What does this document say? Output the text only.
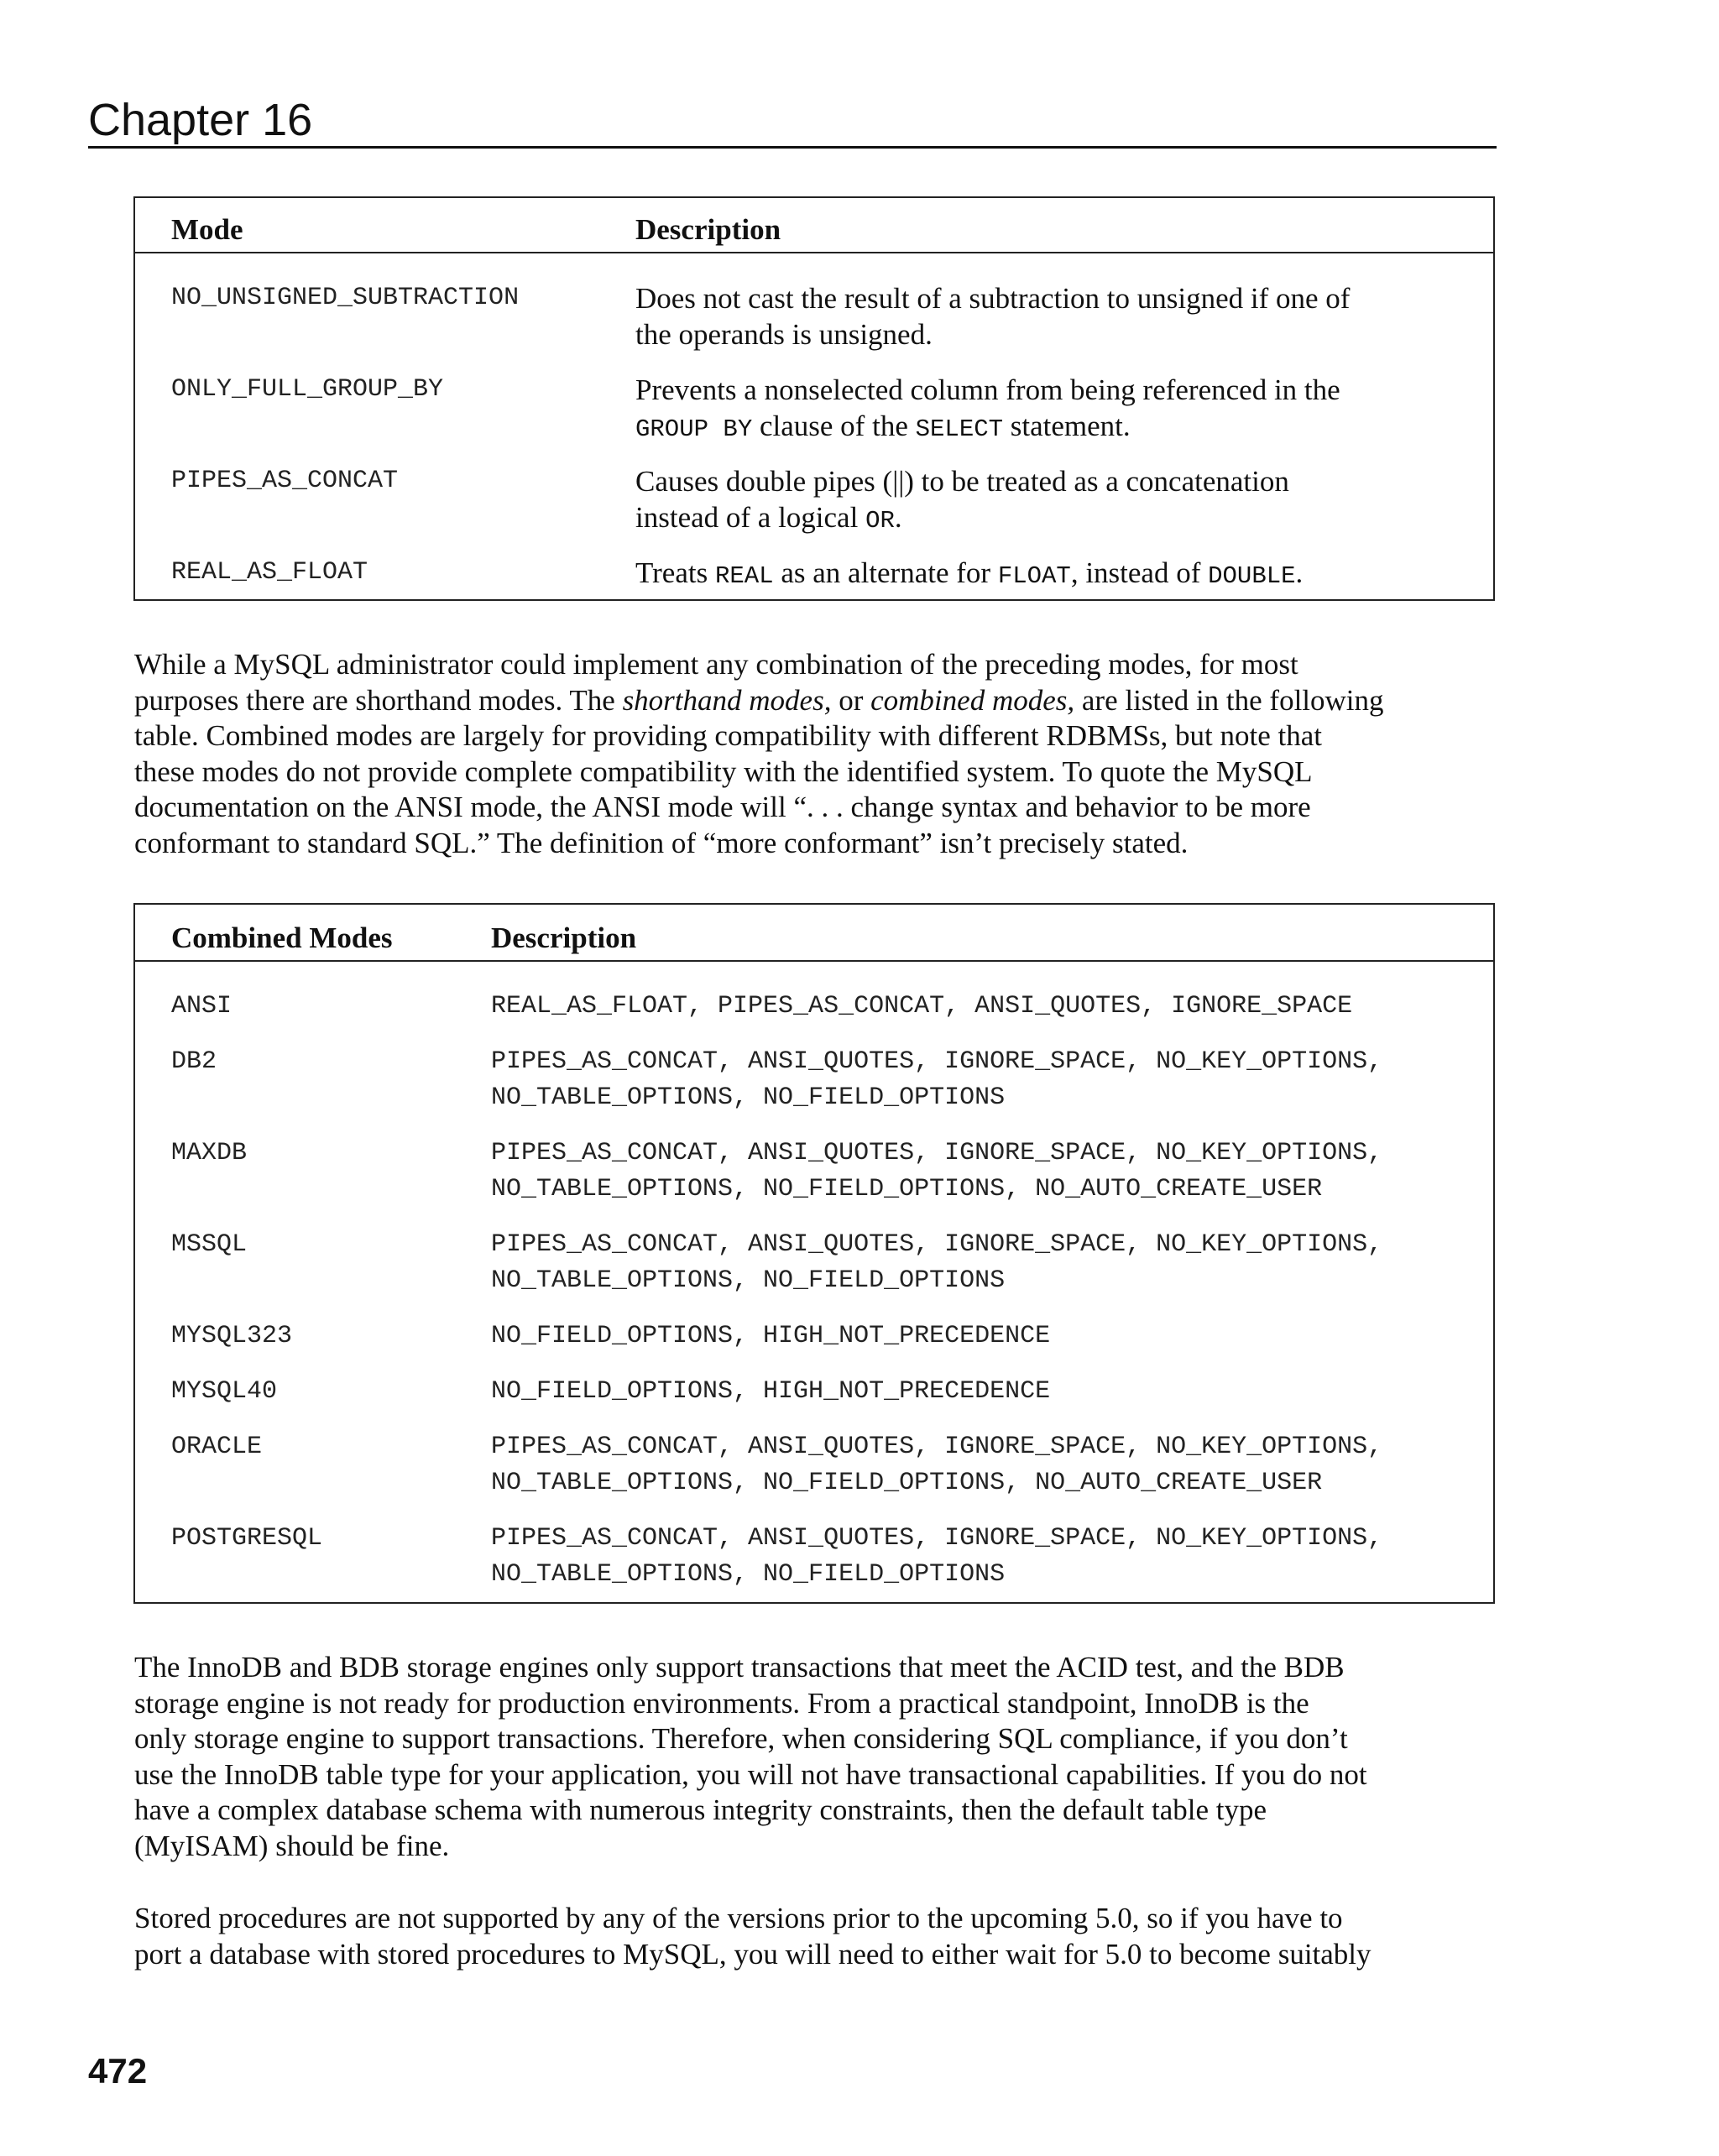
Chapter 16
Mode	Description
NO_UNSIGNED_SUBTRACTION	Does not cast the result of a subtraction to unsigned if one of
the operands is unsigned.
ONLY_FULL_GROUP_BY	Prevents a nonselected column from being referenced in the
GROUP BY clause of the SELECT statement.
PIPES_AS_CONCAT	Causes double pipes (||) to be treated as a concatenation
instead of a logical OR.
REAL_AS_FLOAT	Treats REAL as an alternate for FLOAT, instead of DOUBLE.
While a MySQL administrator could implement any combination of the preceding modes, for most
purposes there are shorthand modes. The shorthand modes, or combined modes, are listed in the following
table. Combined modes are largely for providing compatibility with different RDBMSs, but note that
these modes do not provide complete compatibility with the identified system. To quote the MySQL
documentation on the ANSI mode, the ANSI mode will “. . . change syntax and behavior to be more
conformant to standard SQL.” The definition of “more conformant” isn’t precisely stated.
Combined Modes	Description
ANSI	REAL_AS_FLOAT, PIPES_AS_CONCAT, ANSI_QUOTES, IGNORE_SPACE
DB2	PIPES_AS_CONCAT, ANSI_QUOTES, IGNORE_SPACE, NO_KEY_OPTIONS,
NO_TABLE_OPTIONS, NO_FIELD_OPTIONS
MAXDB	PIPES_AS_CONCAT, ANSI_QUOTES, IGNORE_SPACE, NO_KEY_OPTIONS,
NO_TABLE_OPTIONS, NO_FIELD_OPTIONS, NO_AUTO_CREATE_USER
MSSQL	PIPES_AS_CONCAT, ANSI_QUOTES, IGNORE_SPACE, NO_KEY_OPTIONS,
NO_TABLE_OPTIONS, NO_FIELD_OPTIONS
MYSQL323	NO_FIELD_OPTIONS, HIGH_NOT_PRECEDENCE
MYSQL40	NO_FIELD_OPTIONS, HIGH_NOT_PRECEDENCE
ORACLE	PIPES_AS_CONCAT, ANSI_QUOTES, IGNORE_SPACE, NO_KEY_OPTIONS,
NO_TABLE_OPTIONS, NO_FIELD_OPTIONS, NO_AUTO_CREATE_USER
POSTGRESQL	PIPES_AS_CONCAT, ANSI_QUOTES, IGNORE_SPACE, NO_KEY_OPTIONS,
NO_TABLE_OPTIONS, NO_FIELD_OPTIONS
The InnoDB and BDB storage engines only support transactions that meet the ACID test, and the BDB
storage engine is not ready for production environments. From a practical standpoint, InnoDB is the
only storage engine to support transactions. Therefore, when considering SQL compliance, if you don’t
use the InnoDB table type for your application, you will not have transactional capabilities. If you do not
have a complex database schema with numerous integrity constraints, then the default table type
(MyISAM) should be fine.
Stored procedures are not supported by any of the versions prior to the upcoming 5.0, so if you have to
port a database with stored procedures to MySQL, you will need to either wait for 5.0 to become suitably
472
